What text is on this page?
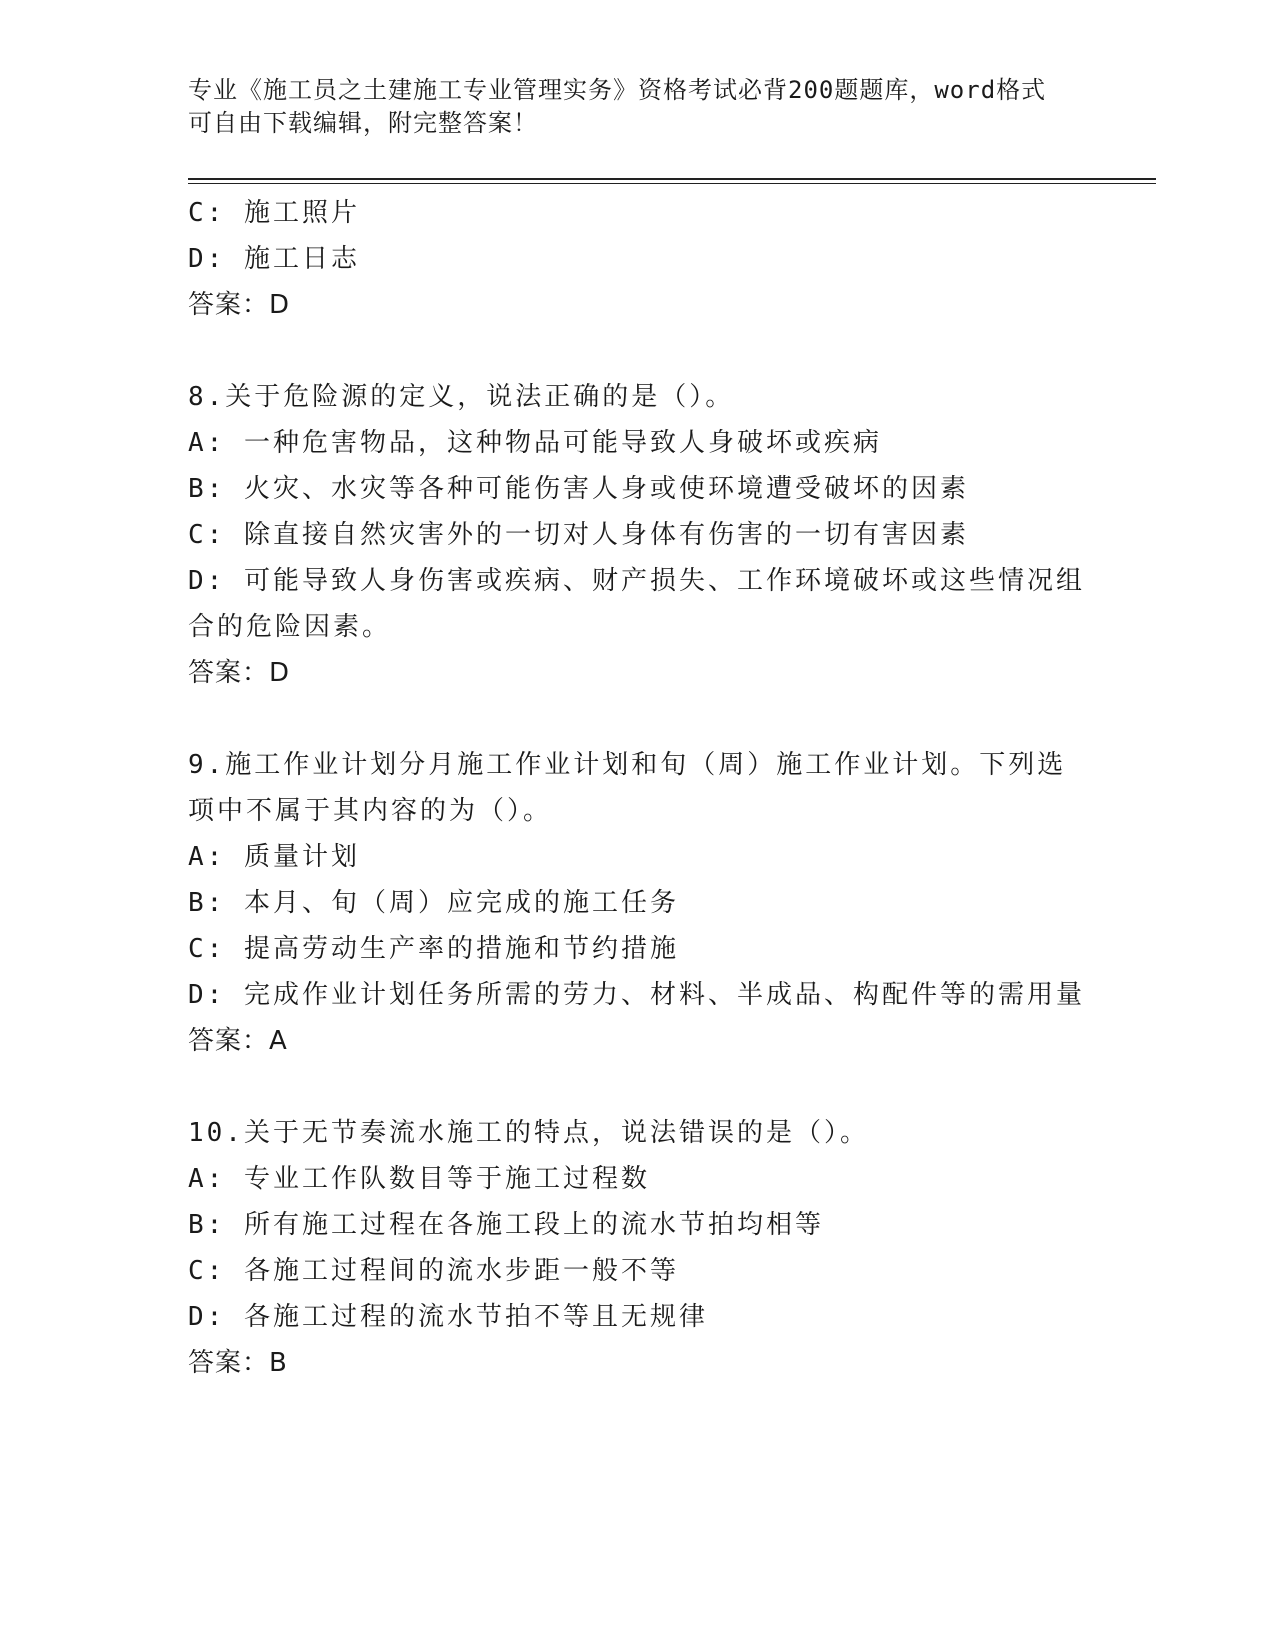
专业《施工员之土建施工专业管理实务》资格考试必背200题题库，word格式可自由下载编辑，附完整答案！
C: 施工照片
D: 施工日志
答案：D
8.关于危险源的定义，说法正确的是（）。
A: 一种危害物品，这种物品可能导致人身破坏或疾病
B: 火灾、水灾等各种可能伤害人身或使环境遭受破坏的因素
C: 除直接自然灾害外的一切对人身体有伤害的一切有害因素
D: 可能导致人身伤害或疾病、财产损失、工作环境破坏或这些情况组合的危险因素。
答案：D
9.施工作业计划分月施工作业计划和旬（周）施工作业计划。下列选项中不属于其内容的为（）。
A: 质量计划
B: 本月、旬（周）应完成的施工任务
C: 提高劳动生产率的措施和节约措施
D: 完成作业计划任务所需的劳力、材料、半成品、构配件等的需用量
答案：A
10.关于无节奏流水施工的特点，说法错误的是（）。
A: 专业工作队数目等于施工过程数
B: 所有施工过程在各施工段上的流水节拍均相等
C: 各施工过程间的流水步距一般不等
D: 各施工过程的流水节拍不等且无规律
答案：B
